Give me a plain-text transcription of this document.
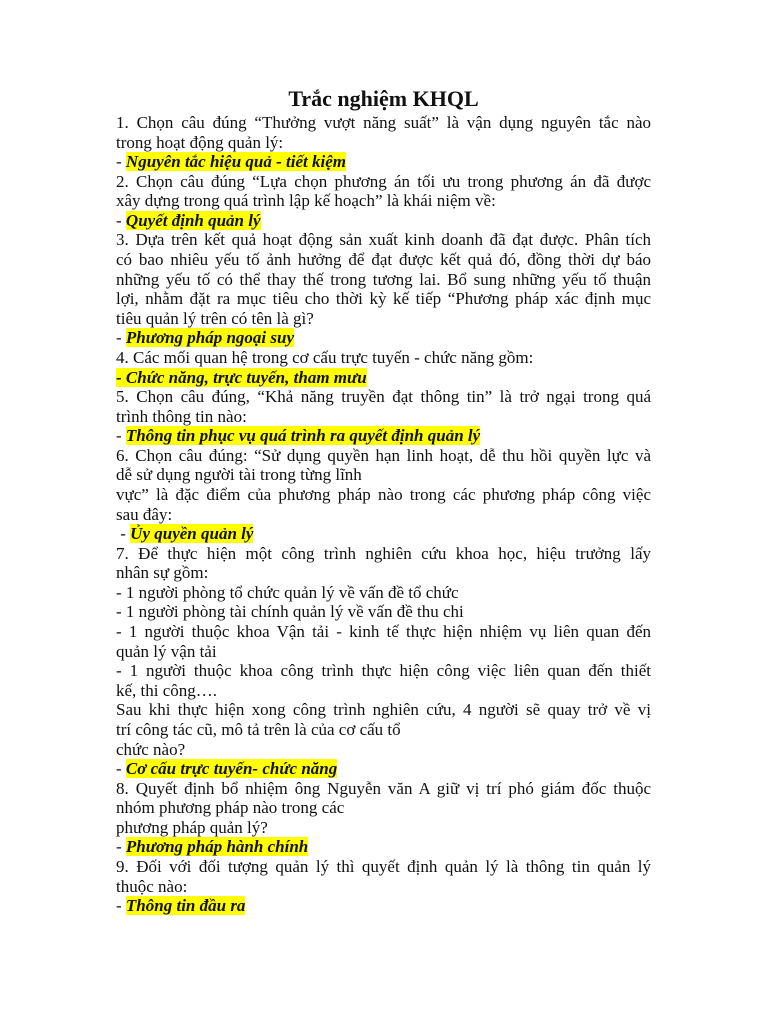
Trắc nghiệm KHQL
1. Chọn câu đúng “Thưởng vượt năng suất” là vận dụng nguyên tắc nào
trong hoạt động quản lý:
- Nguyên tắc hiệu quả - tiết kiệm
2. Chọn câu đúng “Lựa chọn phương án tối ưu trong phương án đã được
xây dựng trong quá trình lập kế hoạch” là khái niệm về:
- Quyết định quản lý
3. Dựa trên kết quả hoạt động sản xuất kinh doanh đã đạt được. Phân tích
có bao nhiêu yếu tố ảnh hưởng để đạt được kết quả đó, đồng thời dự báo
những yếu tố có thể thay thế trong tương lai. Bổ sung những yếu tố thuận
lợi, nhằm đặt ra mục tiêu cho thời kỳ kế tiếp “Phương pháp xác định mục
tiêu quản lý trên có tên là gì?
- Phương pháp ngoại suy
4. Các mối quan hệ trong cơ cấu trực tuyến - chức năng gồm:
- Chức năng, trực tuyến, tham mưu
5. Chọn câu đúng, “Khả năng truyền đạt thông tin” là trở ngại trong quá
trình thông tin nào:
- Thông tin phục vụ quá trình ra quyết định quản lý
6. Chọn câu đúng: “Sử dụng quyền hạn linh hoạt, dễ thu hồi quyền lực và
dễ sử dụng người tài trong từng lĩnh
vực” là đặc điểm của phương pháp nào trong các phương pháp công việc
sau đây:
- Ủy quyền quản lý
7. Để thực hiện một công trình nghiên cứu khoa học, hiệu trưởng lấy
nhân sự gồm:
- 1 người phòng tổ chức quản lý về vấn đề tổ chức
- 1 người phòng tài chính quản lý về vấn đề thu chi
- 1 người thuộc khoa Vận tải - kinh tế thực hiện nhiệm vụ liên quan đến
quản lý vận tải
- 1 người thuộc khoa công trình thực hiện công việc liên quan đến thiết
kế, thi công….
Sau khi thực hiện xong công trình nghiên cứu, 4 người sẽ quay trở về vị
trí công tác cũ, mô tả trên là của cơ cấu tổ
chức nào?
- Cơ cấu trực tuyến- chức năng
8. Quyết định bổ nhiệm ông Nguyễn văn A giữ vị trí phó giám đốc thuộc
nhóm phương pháp nào trong các
phương pháp quản lý?
- Phương pháp hành chính
9. Đối với đối tượng quản lý thì quyết định quản lý là thông tin quản lý
thuộc nào:
- Thông tin đầu ra
